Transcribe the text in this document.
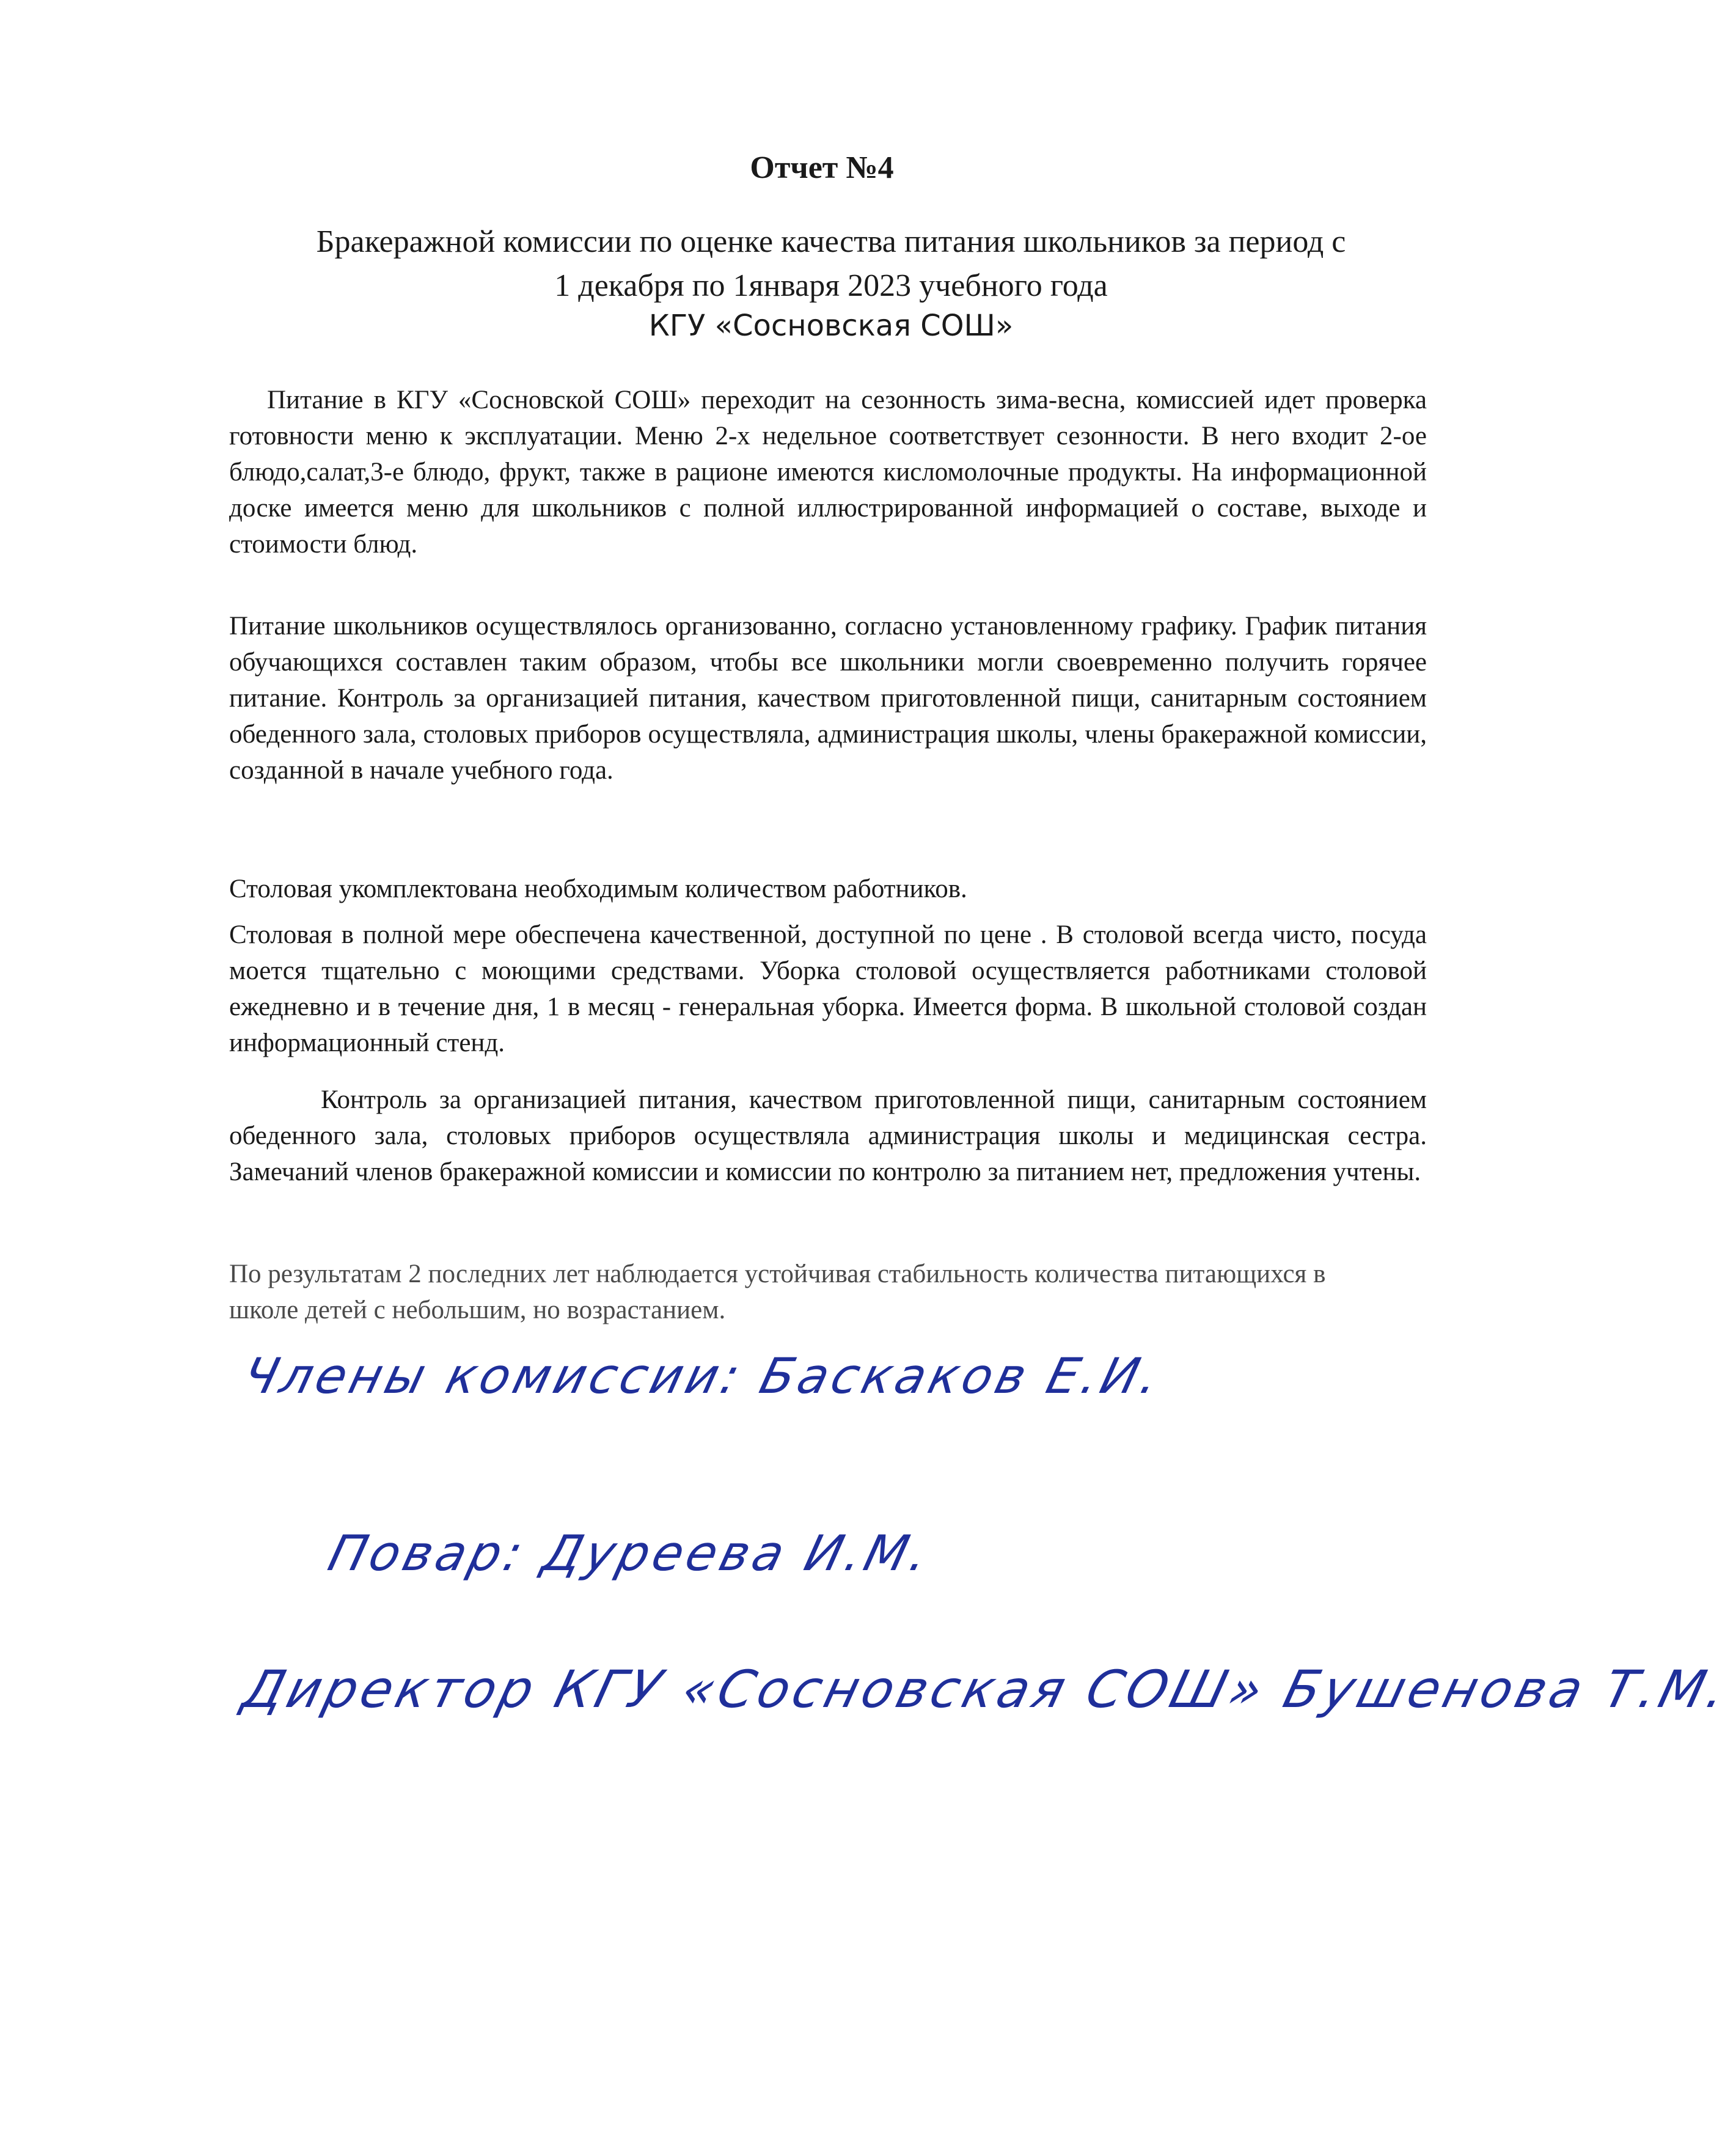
Отчет №4
Бракеражной комиссии по оценке качества питания школьников за период с
1 декабря по 1января 2023 учебного года
КГУ «Сосновская СОШ»
Питание в КГУ «Сосновской СОШ» переходит на сезонность зима-весна, комиссией идет проверка готовности меню к эксплуатации. Меню 2-х недельное соответствует сезонности. В него входит 2-ое блюдо,салат,3-е блюдо, фрукт, также в рационе имеются кисломолочные продукты. На информационной доске имеется меню для школьников с полной иллюстрированной информацией о составе, выходе и стоимости блюд.
Питание школьников осуществлялось организованно, согласно установленному графику. График питания обучающихся составлен таким образом, чтобы все школьники могли своевременно получить горячее питание. Контроль за организацией питания, качеством приготовленной пищи, санитарным состоянием обеденного зала, столовых приборов осуществляла, администрация школы, члены бракеражной комиссии, созданной в начале учебного года.
Столовая укомплектована необходимым количеством работников.
Столовая в полной мере обеспечена качественной, доступной по цене . В столовой всегда чисто, посуда моется тщательно с моющими средствами. Уборка столовой осуществляется работниками столовой ежедневно и в течение дня, 1 в месяц - генеральная уборка. Имеется форма. В школьной столовой создан информационный стенд.
Контроль за организацией питания, качеством приготовленной пищи, санитарным состоянием обеденного зала, столовых приборов осуществляла администрация школы и медицинская сестра. Замечаний членов бракеражной комиссии и комиссии по контролю за питанием нет, предложения учтены.
По результатам 2 последних лет наблюдается устойчивая стабильность количества питающихся в школе детей с небольшим, но возрастанием.
Члены комиссии: Баскаков Е.И.
Повар: Дуреева И.М.
Директор КГУ «Сосновская СОШ» Бушенова Т.М.
